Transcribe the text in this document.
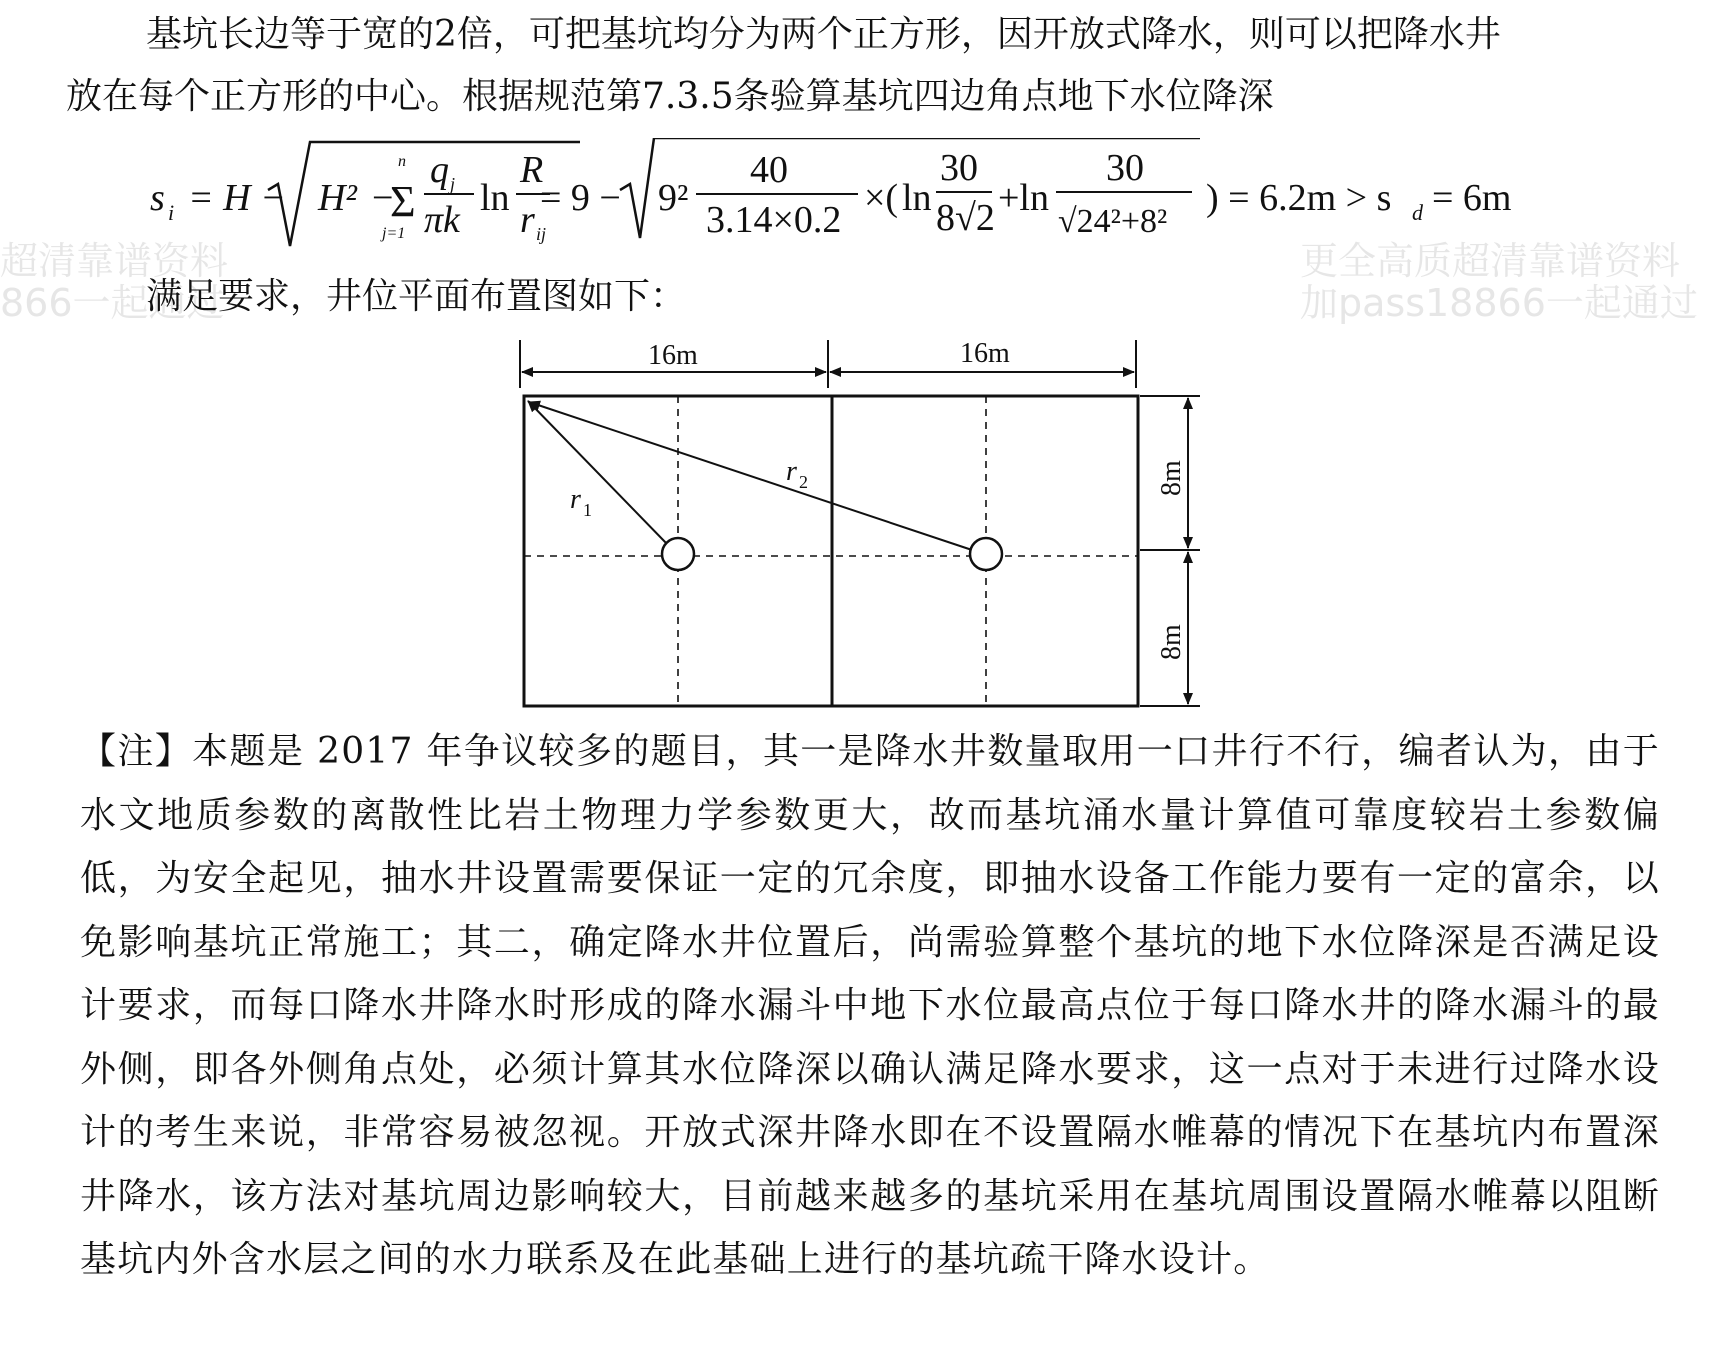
超清靠谱资料
866一起通过
更全高质超清靠谱资料
加pass18866一起通过

基坑长边等于宽的2倍，可把基坑均分为两个正方形，因开放式降水，则可以把降水井

放在每个正方形的中心。根据规范第7.3.5条验算基坑四边角点地下水位降深

s i = H − H² −
n
Σ
j=1
q j
πk
ln
R
r ij
= 9 − 9²
40
3.14×0.2
×( ln
30
8√2 +ln
30
√24²+8²
) = 6.2m > s d = 6m

满足要求，井位平面布置图如下：

16m	16m
8m
8m
r 1
r 2

【注】本题是 2017 年争议较多的题目，其一是降水井数量取用一口井行不行，编者认为，由于水文地质参数的离散性比岩土物理力学参数更大，故而基坑涌水量计算值可靠度较岩土参数偏低，为安全起见，抽水井设置需要保证一定的冗余度，即抽水设备工作能力要有一定的富余，以免影响基坑正常施工；其二，确定降水井位置后，尚需验算整个基坑的地下水位降深是否满足设计要求，而每口降水井降水时形成的降水漏斗中地下水位最高点位于每口降水井的降水漏斗的最外侧，即各外侧角点处，必须计算其水位降深以确认满足降水要求，这一点对于未进行过降水设计的考生来说，非常容易被忽视。开放式深井降水即在不设置隔水帷幕的情况下在基坑内布置深井降水，该方法对基坑周边影响较大，目前越来越多的基坑采用在基坑周围设置隔水帷幕以阻断基坑内外含水层之间的水力联系及在此基础上进行的基坑疏干降水设计。
